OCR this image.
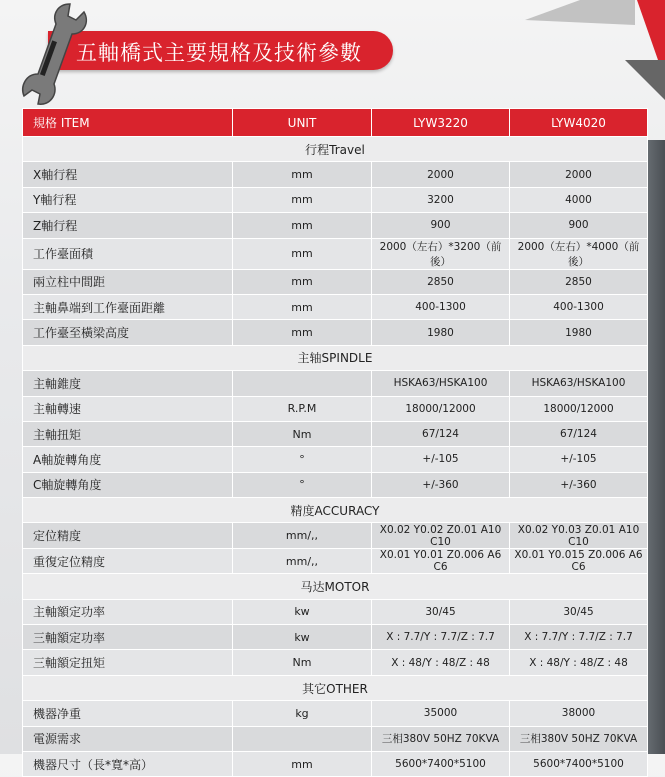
五軸橋式主要規格及技術參數
規格 ITEM	UNIT	LYW3220	LYW4020
行程Travel			
X軸行程	mm	2000	2000
Y軸行程	mm	3200	4000
Z軸行程	mm	900	900
工作臺面積	mm	2000（左右）*3200（前後）	2000（左右）*4000（前後）
兩立柱中間距	mm	2850	2850
主軸鼻端到工作臺面距離	mm	400-1300	400-1300
工作臺至橫梁高度	mm	1980	1980
主轴SPINDLE			
主軸錐度		HSKA63/HSKA100	HSKA63/HSKA100
主軸轉速	R.P.M	18000/12000	18000/12000
主軸扭矩	Nm	67/124	67/124
A軸旋轉角度	°	+/-105	+/-105
C軸旋轉角度	°	+/-360	+/-360
精度ACCURACY			
定位精度	mm/,,	X0.02 Y0.02 Z0.01 A10 C10	X0.02 Y0.03 Z0.01 A10 C10
重復定位精度	mm/,,	X0.01 Y0.01 Z0.006 A6 C6	X0.01 Y0.015 Z0.006 A6 C6
马达MOTOR			
主軸額定功率	kw	30/45	30/45
三軸額定功率	kw	X : 7.7/Y : 7.7/Z : 7.7	X : 7.7/Y : 7.7/Z : 7.7
三軸額定扭矩	Nm	X : 48/Y : 48/Z : 48	X : 48/Y : 48/Z : 48
其它OTHER			
機器净重	kg	35000	38000
電源需求		三相380V 50HZ 70KVA	三相380V 50HZ 70KVA
機器尺寸（長*寬*高）	mm	5600*7400*5100	5600*7400*5100
